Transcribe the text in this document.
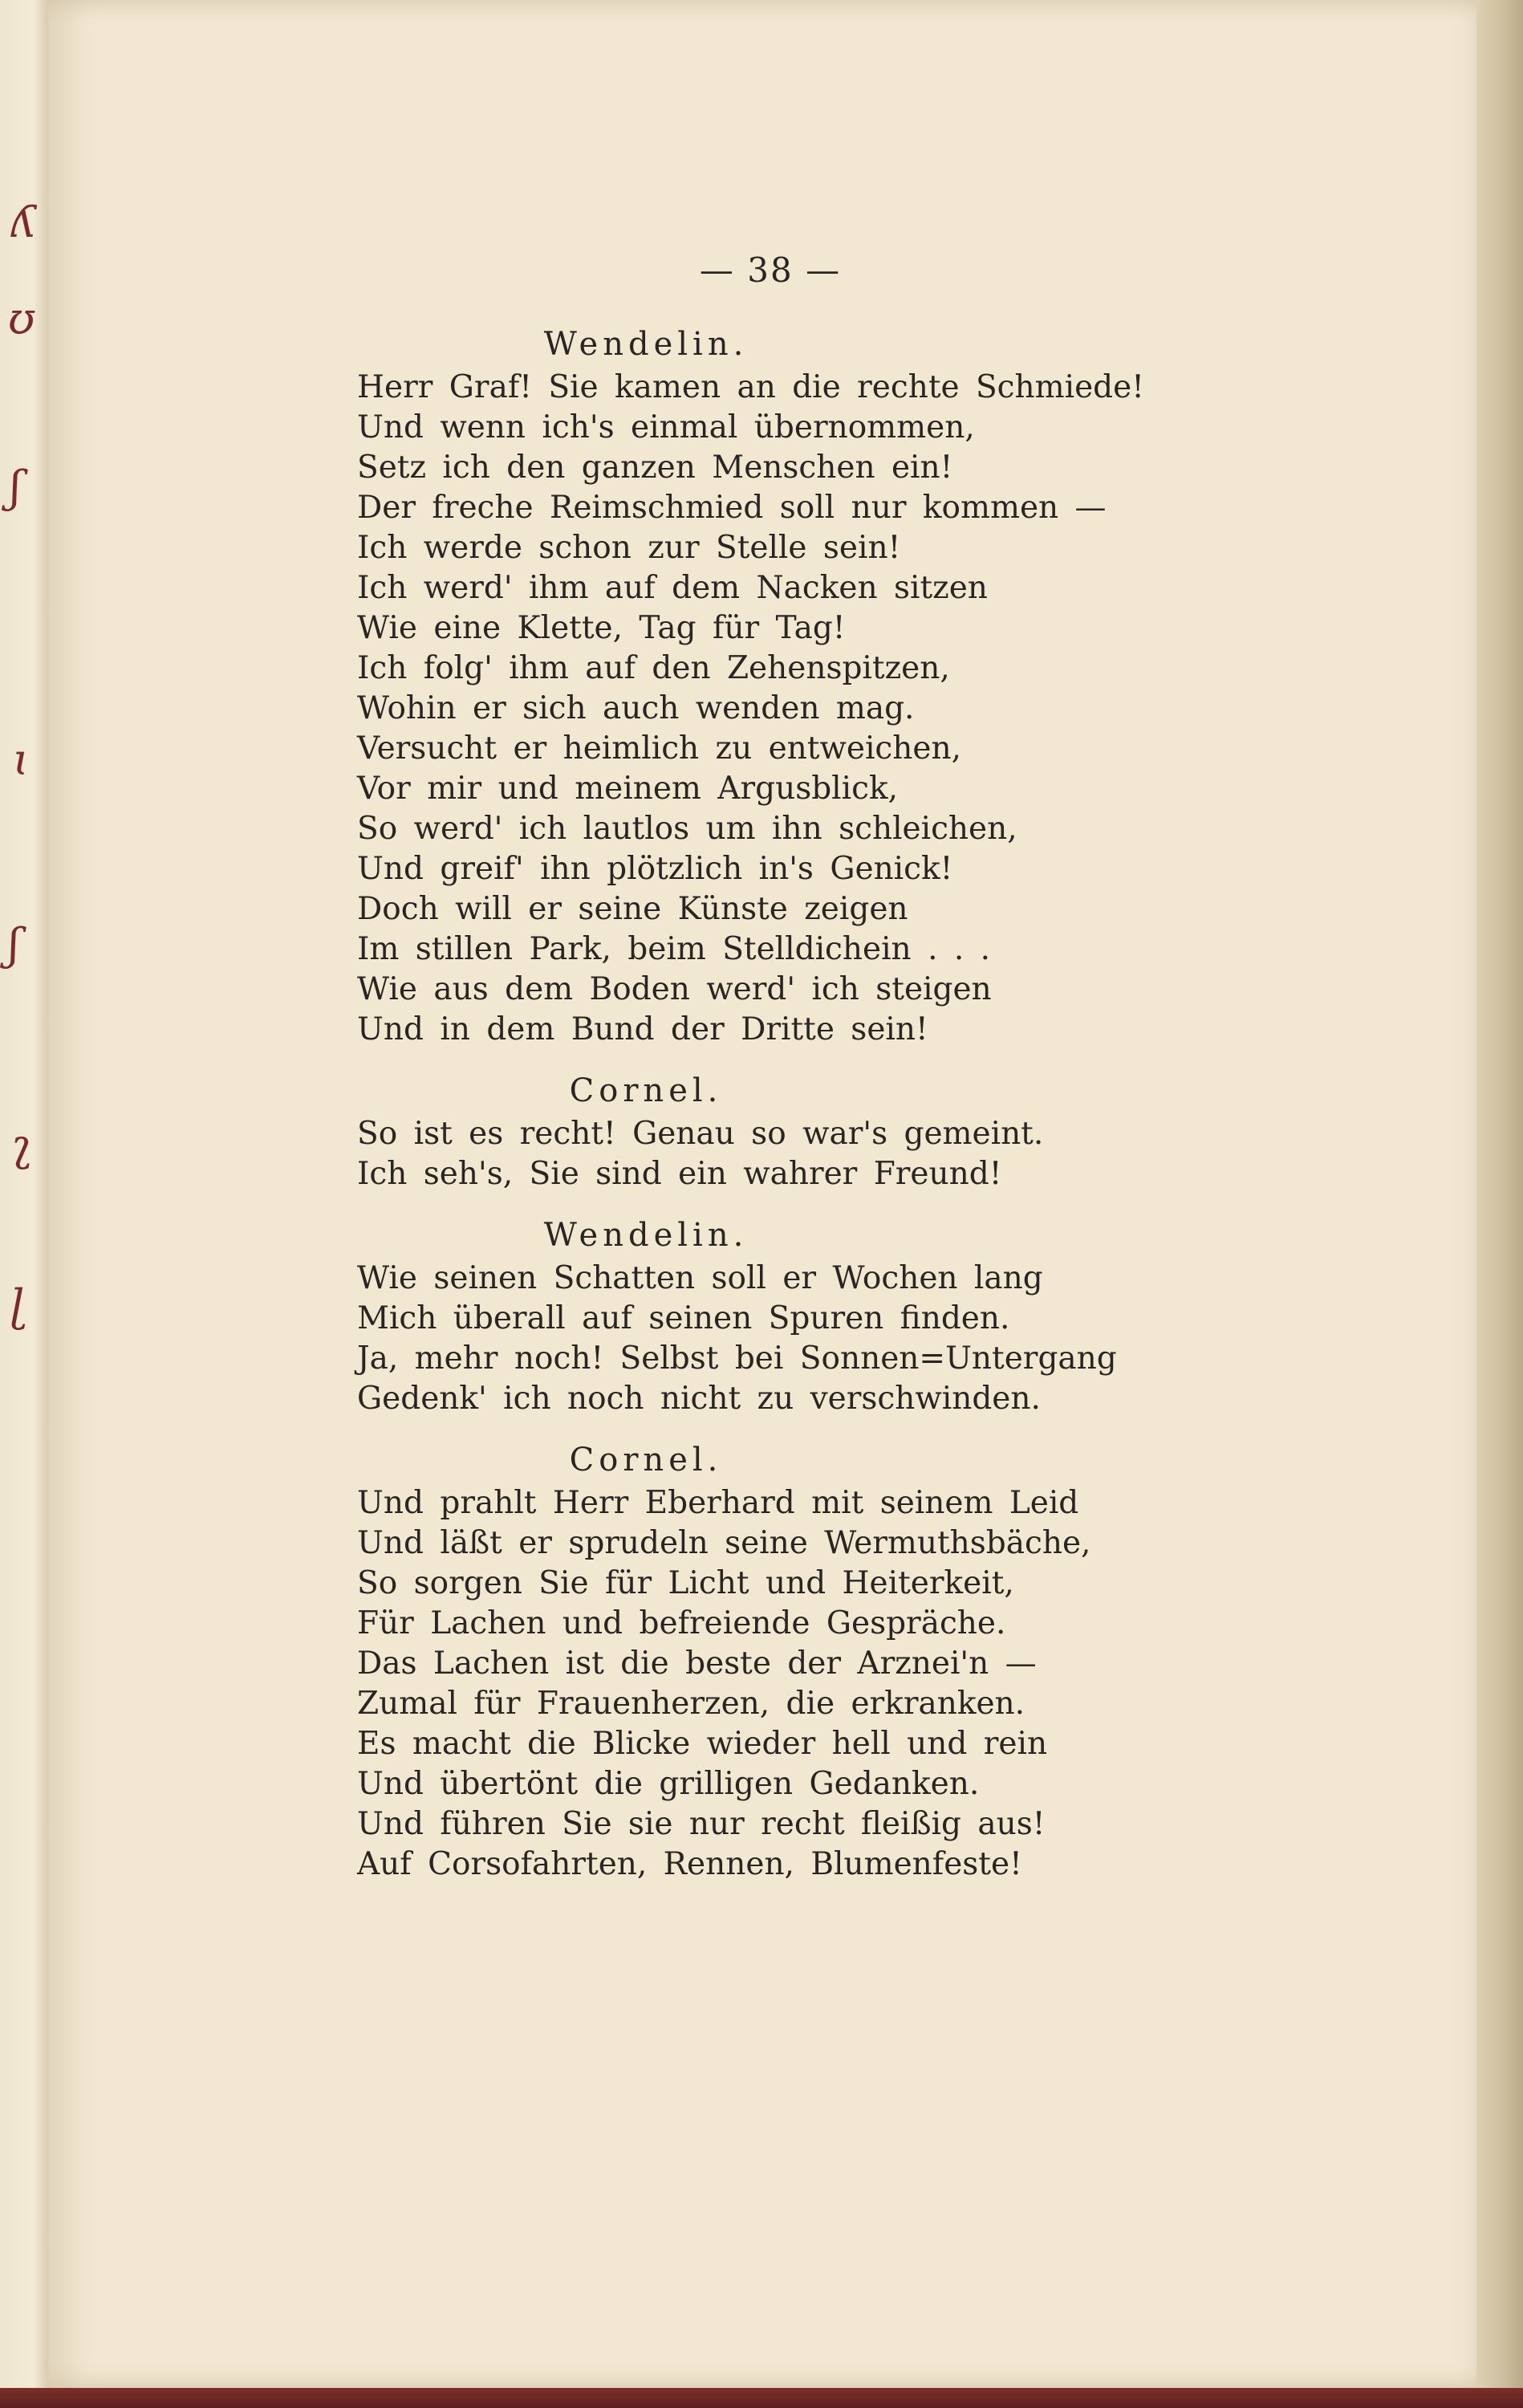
ʎ
ʊ
ʃ
ɩ
ʃ
ʅ
ɭ
— 38 —
Wendelin.
Herr Graf! Sie kamen an die rechte Schmiede!
Und wenn ich's einmal übernommen,
Setz ich den ganzen Menschen ein!
Der freche Reimschmied soll nur kommen —
Ich werde schon zur Stelle sein!
Ich werd' ihm auf dem Nacken sitzen
Wie eine Klette, Tag für Tag!
Ich folg' ihm auf den Zehenspitzen,
Wohin er sich auch wenden mag.
Versucht er heimlich zu entweichen,
Vor mir und meinem Argusblick,
So werd' ich lautlos um ihn schleichen,
Und greif' ihn plötzlich in's Genick!
Doch will er seine Künste zeigen
Im stillen Park, beim Stelldichein . . .
Wie aus dem Boden werd' ich steigen
Und in dem Bund der Dritte sein!
Cornel.
So ist es recht! Genau so war's gemeint.
Ich seh's, Sie sind ein wahrer Freund!
Wendelin.
Wie seinen Schatten soll er Wochen lang
Mich überall auf seinen Spuren finden.
Ja, mehr noch! Selbst bei Sonnen=Untergang
Gedenk' ich noch nicht zu verschwinden.
Cornel.
Und prahlt Herr Eberhard mit seinem Leid
Und läßt er sprudeln seine Wermuthsbäche,
So sorgen Sie für Licht und Heiterkeit,
Für Lachen und befreiende Gespräche.
Das Lachen ist die beste der Arznei'n —
Zumal für Frauenherzen, die erkranken.
Es macht die Blicke wieder hell und rein
Und übertönt die grilligen Gedanken.
Und führen Sie sie nur recht fleißig aus!
Auf Corsofahrten, Rennen, Blumenfeste!
